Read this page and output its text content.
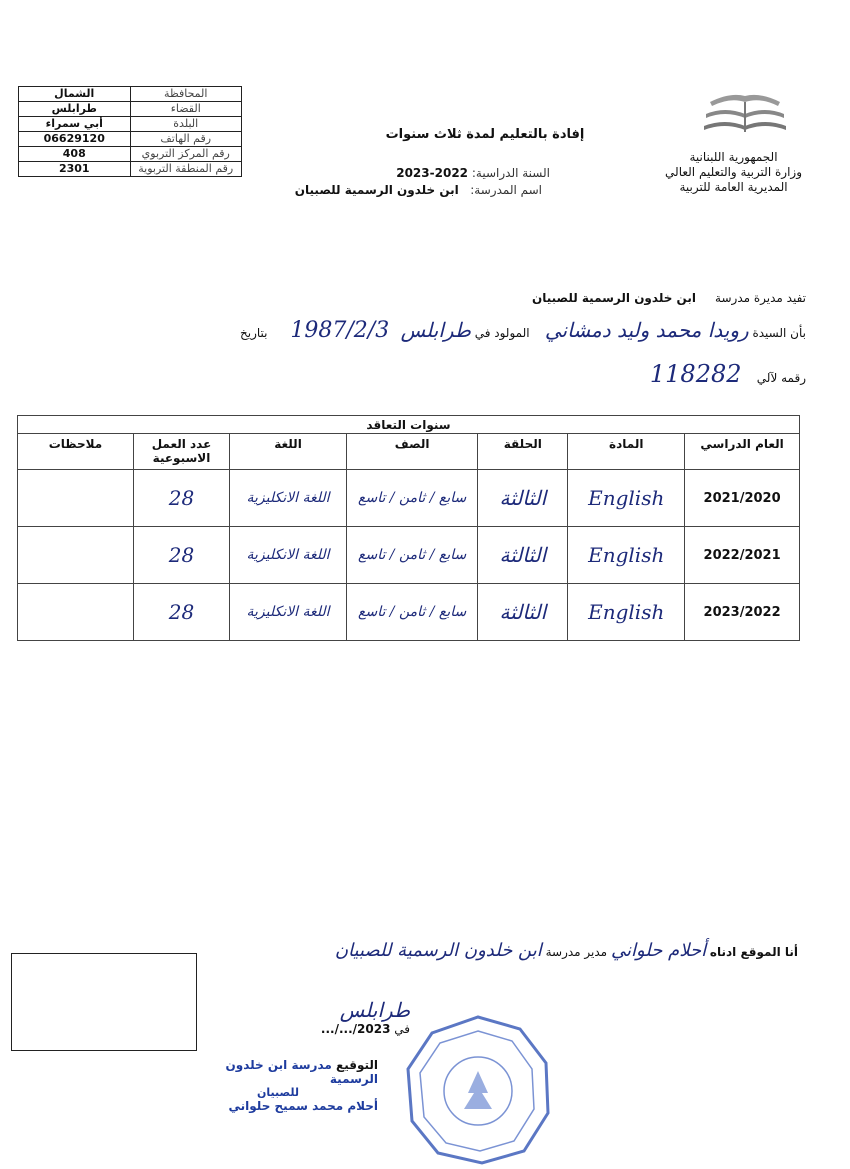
المحافظة	الشمال
القضاء	طرابلس
البلدة	أبي سمراء
رقم الهاتف	06629120
رقم المركز التربوي	408
رقم المنطقة التربوية	2301
الجمهورية اللبنانية
وزارة التربية والتعليم العالي
المديرية العامة للتربية
إفادة بالتعليم لمدة ثلاث سنوات
السنة الدراسية: 2022-2023
اسم المدرسة:   ابن خلدون الرسمية للصبيان
تفيد مديرة مدرسة     ابن خلدون الرسمية للصبيان
بأن السيدة رويدا محمد وليد دمشاني    المولود في طرابلس   1987/2/3      بتاريخ
رقمه لآلي    118282
سنوات التعاقد						
العام الدراسي	المادة	الحلقة	الصف	اللغة	عدد العمل الاسبوعية	ملاحظات
2021/2020	English	الثالثة	سابع / ثامن / تاسع	اللغة الانكليزية	28	
2022/2021	English	الثالثة	سابع / ثامن / تاسع	اللغة الانكليزية	28	
2023/2022	English	الثالثة	سابع / ثامن / تاسع	اللغة الانكليزية	28	
أنا الموقع ادناه أحلام حلواني مدير مدرسة ابن خلدون الرسمية للصبيان
طرابلس
في 2023/.../...
التوقيع مدرسة ابن خلدون الرسمية
للصبيان
أحلام محمد سميح حلواني
